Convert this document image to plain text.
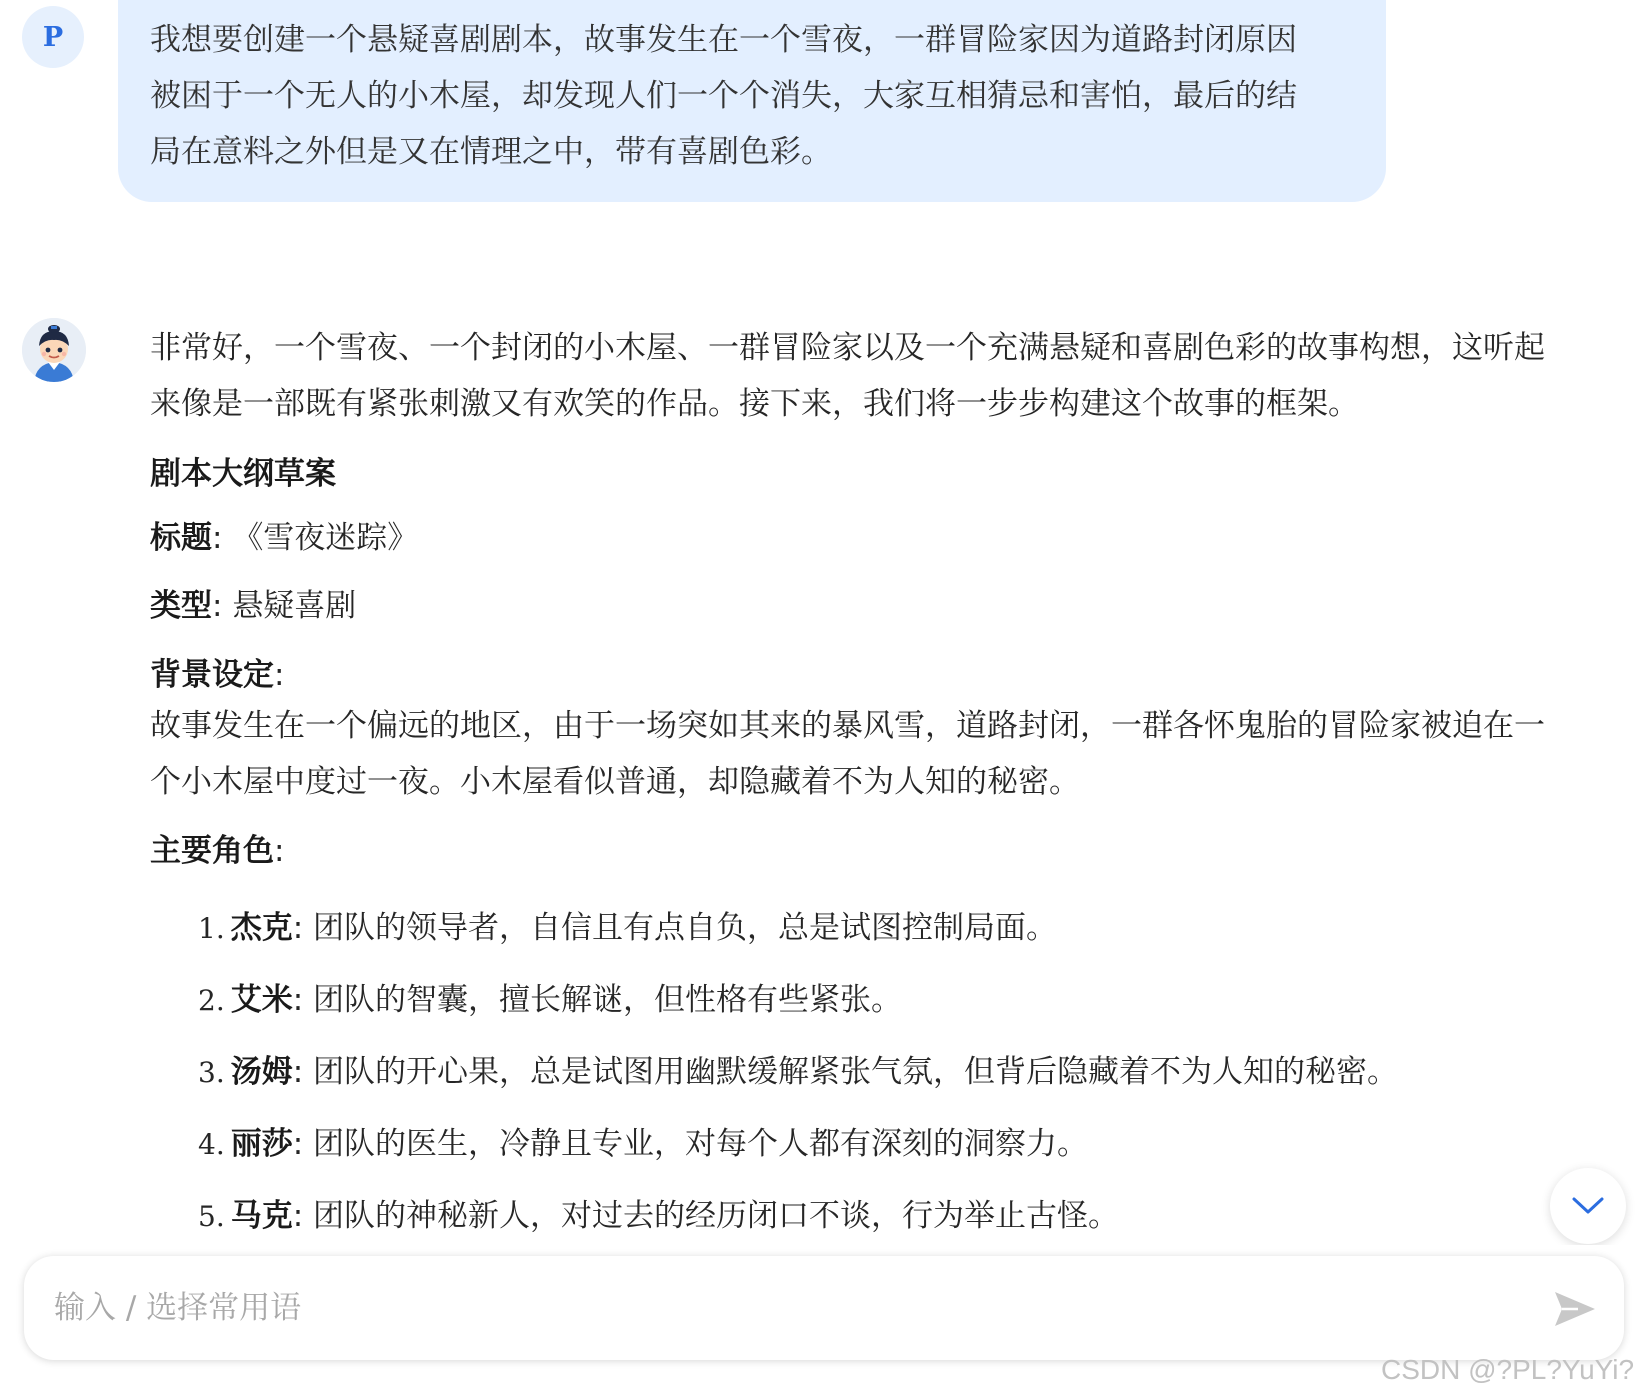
P	我想要创建一个悬疑喜剧剧本，故事发生在一个雪夜，一群冒险家因为道路封闭原因

被困于一个无人的小木屋，却发现人们一个个消失，大家互相猜忌和害怕，最后的结

局在意料之外但是又在情理之中，带有喜剧色彩。

非常好，一个雪夜、一个封闭的小木屋、一群冒险家以及一个充满悬疑和喜剧色彩的故事构想，这听起
来像是一部既有紧张刺激又有欢笑的作品。接下来，我们将一步步构建这个故事的框架。

剧本大纲草案

标题: 《雪夜迷踪》

类型: 悬疑喜剧

背景设定:

故事发生在一个偏远的地区，由于一场突如其来的暴风雪，道路封闭，一群各怀鬼胎的冒险家被迫在一
个小木屋中度过一夜。小木屋看似普通，却隐藏着不为人知的秘密。

主要角色:

1. 杰克: 团队的领导者，自信且有点自负，总是试图控制局面。
2. 艾米: 团队的智囊，擅长解谜，但性格有些紧张。
3. 汤姆: 团队的开心果，总是试图用幽默缓解紧张气氛，但背后隐藏着不为人知的秘密。
4. 丽莎: 团队的医生，冷静且专业，对每个人都有深刻的洞察力。
5. 马克: 团队的神秘新人，对过去的经历闭口不谈，行为举止古怪。
输入 / 选择常用语
CSDN @?PL?YuYi?
